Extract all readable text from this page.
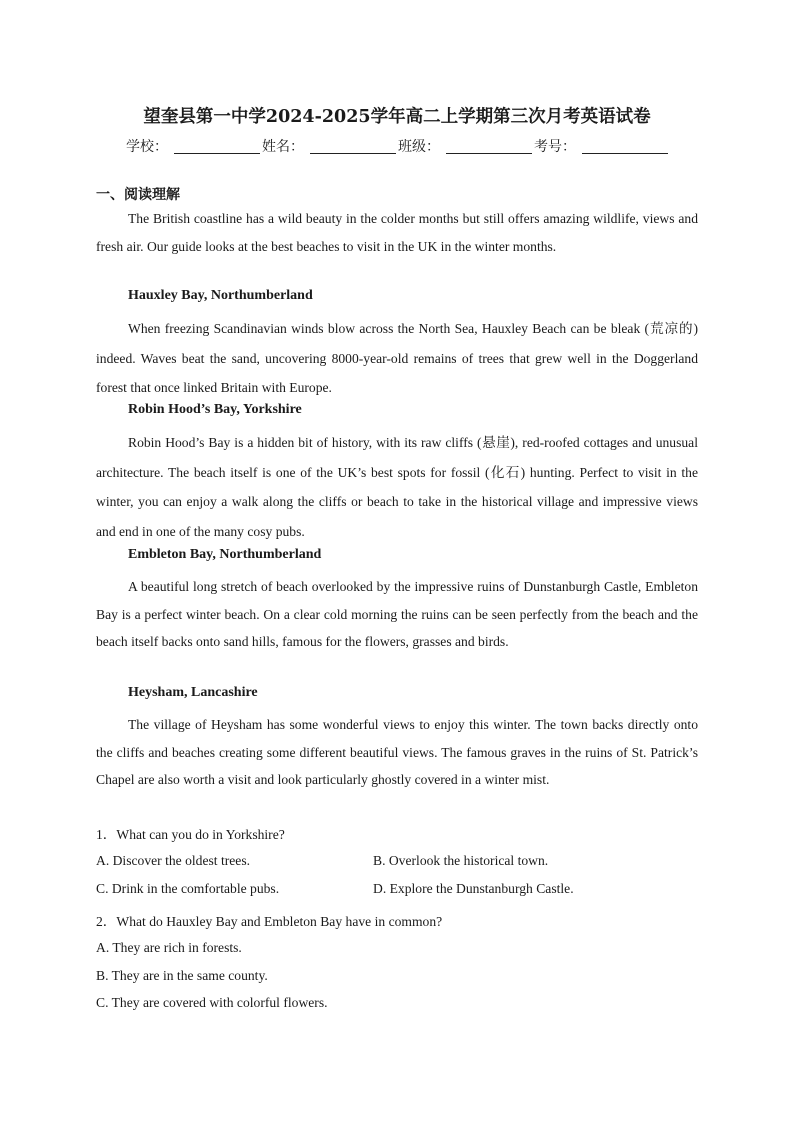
望奎县第一中学2024-2025学年高二上学期第三次月考英语试卷
学校：	姓名：	班级：	考号：
一、阅读理解

The British coastline has a wild beauty in the colder months but still offers amazing wildlife, views and fresh air. Our guide looks at the best beaches to visit in the UK in the winter months.

Hauxley Bay, Northumberland

When freezing Scandinavian winds blow across the North Sea, Hauxley Beach can be bleak (荒凉的) indeed. Waves beat the sand, uncovering 8000-year-old remains of trees that grew well in the Doggerland forest that once linked Britain with Europe.

Robin Hood’s Bay, Yorkshire

Robin Hood’s Bay is a hidden bit of history, with its raw cliffs (悬崖), red-roofed cottages and unusual architecture. The beach itself is one of the UK’s best spots for fossil (化石) hunting. Perfect to visit in the winter, you can enjoy a walk along the cliffs or beach to take in the historical village and impressive views and end in one of the many cosy pubs.

Embleton Bay, Northumberland

A beautiful long stretch of beach overlooked by the impressive ruins of Dunstanburgh Castle, Embleton Bay is a perfect winter beach. On a clear cold morning the ruins can be seen perfectly from the beach and the beach itself backs onto sand hills, famous for the flowers, grasses and birds.

Heysham, Lancashire

The village of Heysham has some wonderful views to enjoy this winter. The town backs directly onto the cliffs and beaches creating some different beautiful views. The famous graves in the ruins of St. Patrick’s Chapel are also worth a visit and look particularly ghostly covered in a winter mist.

1．What can you do in Yorkshire?
A. Discover the oldest trees.	B. Overlook the historical town.
C. Drink in the comfortable pubs.	D. Explore the Dunstanburgh Castle.
2．What do Hauxley Bay and Embleton Bay have in common?
A. They are rich in forests.
B. They are in the same county.
C. They are covered with colorful flowers.
